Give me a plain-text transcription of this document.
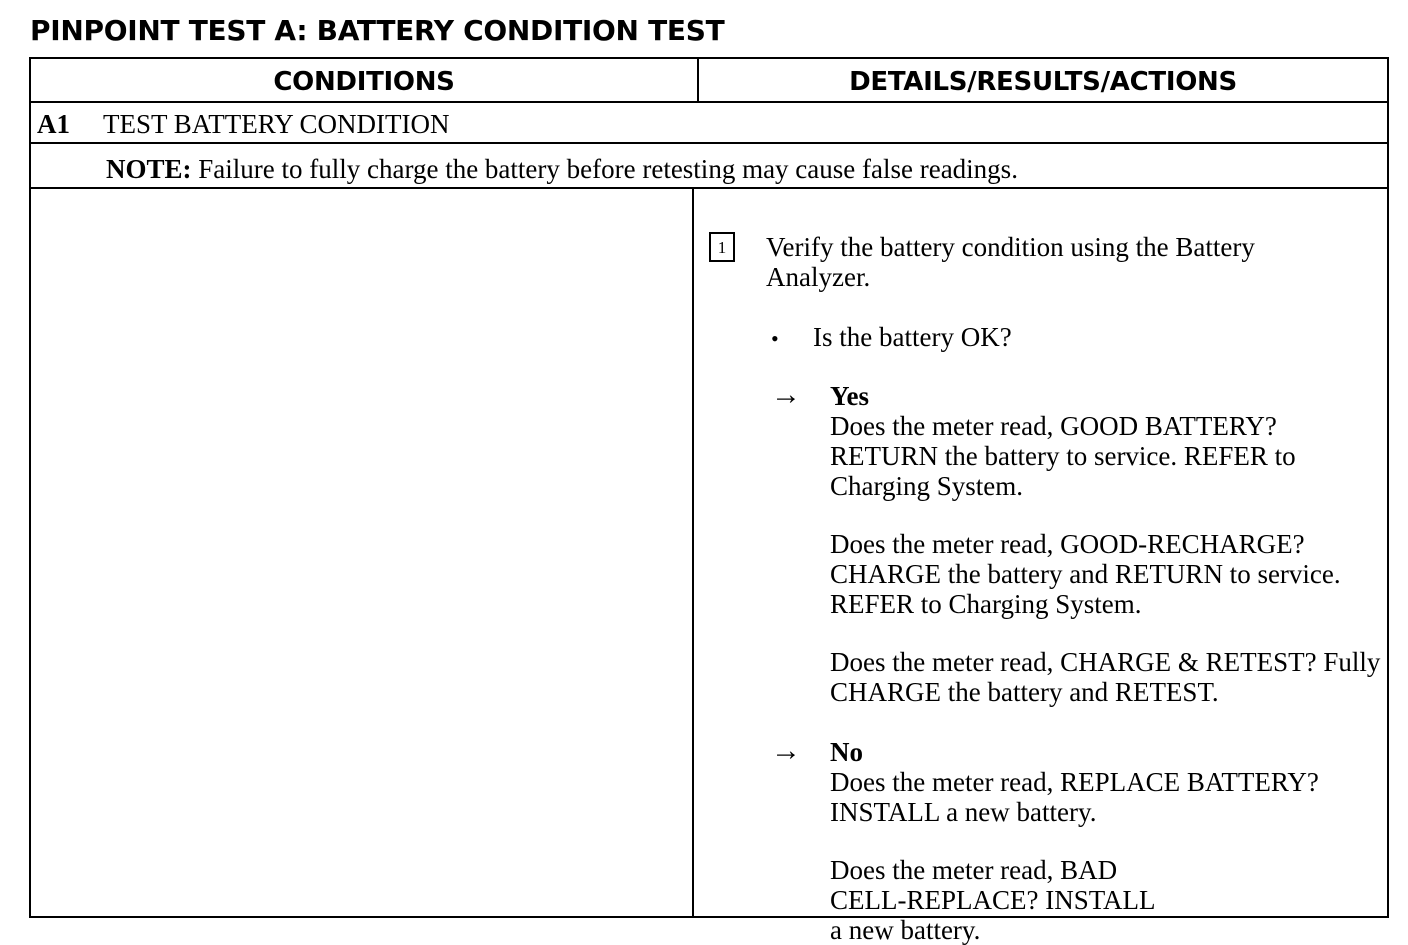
PINPOINT TEST A: BATTERY CONDITION TEST
CONDITIONS	DETAILS/RESULTS/ACTIONS
A1 TEST BATTERY CONDITION
NOTE: Failure to fully charge the battery before retesting may cause false readings.
1	Verify the battery condition using the Battery Analyzer.
• Is the battery OK?
→ Yes
Does the meter read, GOOD BATTERY? RETURN the battery to service. REFER to Charging System.
Does the meter read, GOOD-RECHARGE? CHARGE the battery and RETURN to service. REFER to Charging System.
Does the meter read, CHARGE & RETEST? Fully CHARGE the battery and RETEST.
→ No
Does the meter read, REPLACE BATTERY? INSTALL a new battery.
Does the meter read, BAD CELL-REPLACE? INSTALL a new battery.
